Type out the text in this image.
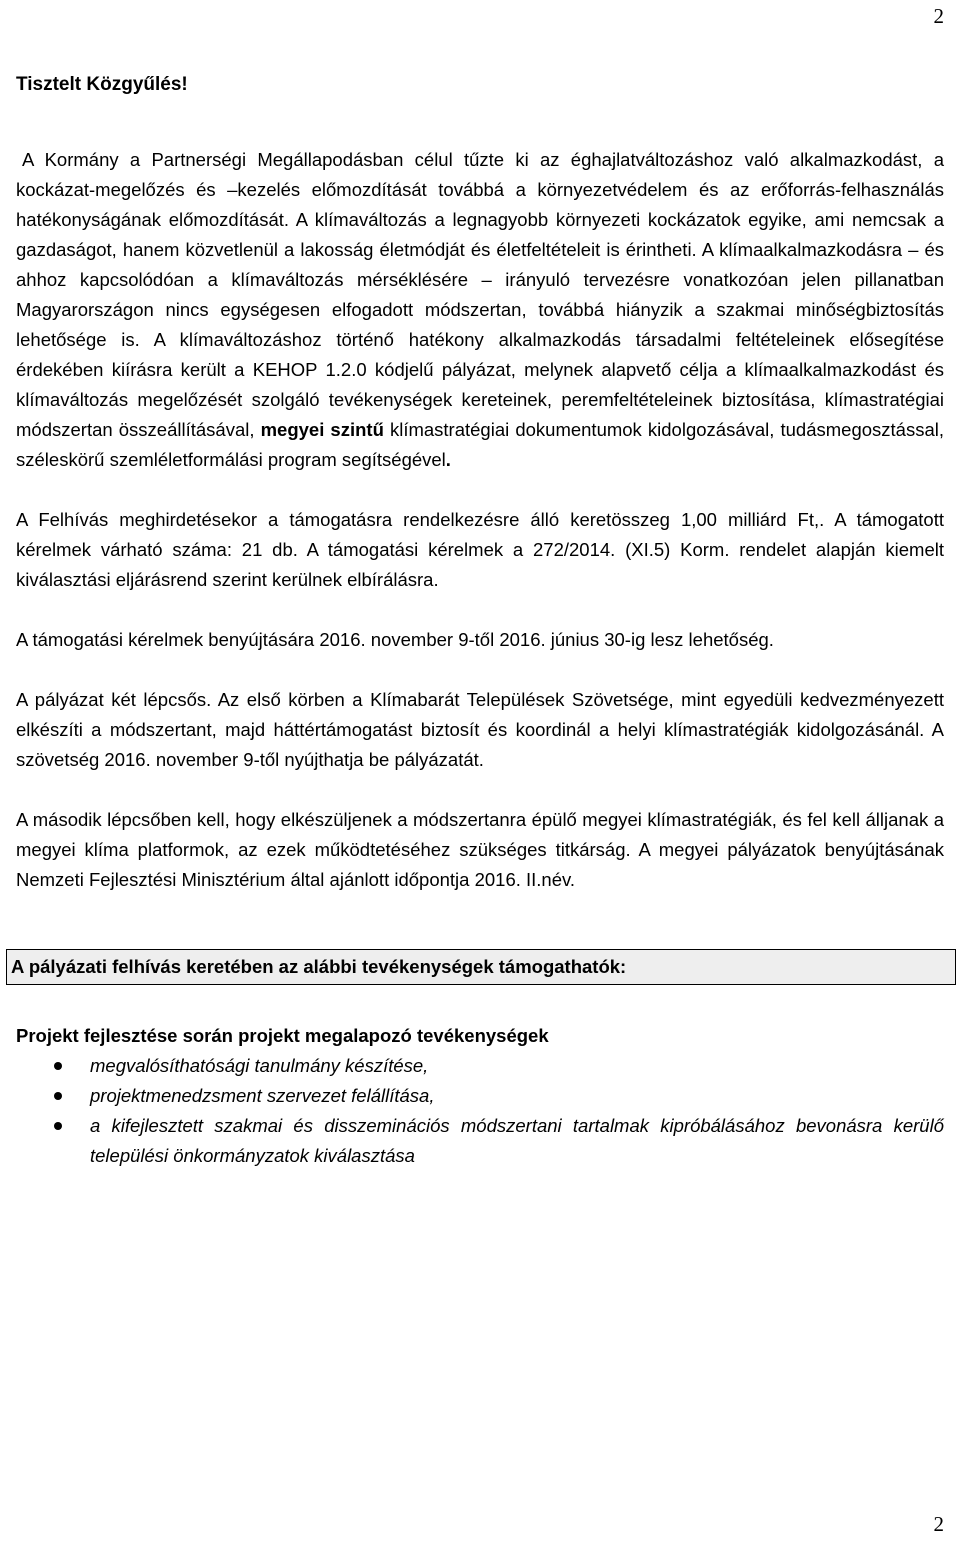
2
Tisztelt Közgyűlés!

A Kormány a Partnerségi Megállapodásban célul tűzte ki az éghajlatváltozáshoz való alkalmazkodást, a kockázat-megelőzés és –kezelés előmozdítását továbbá a környezetvédelem és az erőforrás-felhasználás hatékonyságának előmozdítását. A klímaváltozás a legnagyobb környezeti kockázatok egyike, ami nemcsak a gazdaságot, hanem közvetlenül a lakosság életmódját és életfeltételeit is érintheti. A klímaalkalmazkodásra – és ahhoz kapcsolódóan a klímaváltozás mérséklésére – irányuló tervezésre vonatkozóan jelen pillanatban Magyarországon nincs egységesen elfogadott módszertan, továbbá hiányzik a szakmai minőségbiztosítás lehetősége is. A klímaváltozáshoz történő hatékony alkalmazkodás társadalmi feltételeinek elősegítése érdekében kiírásra került a KEHOP 1.2.0 kódjelű pályázat, melynek alapvető célja a klímaalkalmazkodást és klímaváltozás megelőzését szolgáló tevékenységek kereteinek, peremfeltételeinek biztosítása, klímastratégiai módszertan összeállításával, megyei szintű klímastratégiai dokumentumok kidolgozásával, tudásmegosztással, széleskörű szemléletformálási program segítségével.

A Felhívás meghirdetésekor a támogatásra rendelkezésre álló keretösszeg 1,00 milliárd Ft,. A támogatott kérelmek várható száma: 21 db. A támogatási kérelmek a 272/2014. (XI.5) Korm. rendelet alapján kiemelt kiválasztási eljárásrend szerint kerülnek elbírálásra.

A támogatási kérelmek benyújtására 2016. november 9-től 2016. június 30-ig lesz lehetőség.

A pályázat két lépcsős. Az első körben a Klímabarát Települések Szövetsége, mint egyedüli kedvezményezett elkészíti a módszertant, majd háttértámogatást biztosít és koordinál a helyi klímastratégiák kidolgozásánál. A szövetség 2016. november 9-től nyújthatja be pályázatát.

A második lépcsőben kell, hogy elkészüljenek a módszertanra épülő megyei klímastratégiák, és fel kell álljanak a megyei klíma platformok, az ezek működtetéséhez szükséges titkárság. A megyei pályázatok benyújtásának Nemzeti Fejlesztési Minisztérium által ajánlott időpontja 2016. II.név.

A pályázati felhívás keretében az alábbi tevékenységek támogathatók:
Projekt fejlesztése során projekt megalapozó tevékenységek
megvalósíthatósági tanulmány készítése,
projektmenedzsment szervezet felállítása,
a kifejlesztett szakmai és disszeminációs módszertani tartalmak kipróbálásához bevonásra kerülő települési önkormányzatok kiválasztása
2
